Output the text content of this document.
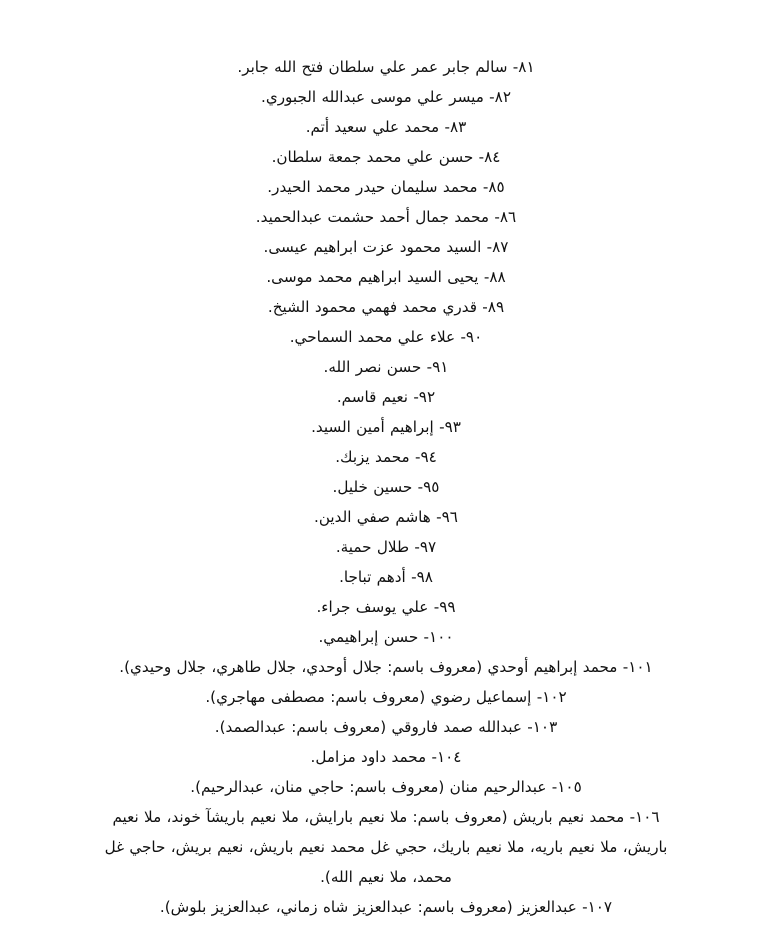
٨١- سالم جابر عمر علي سلطان فتح الله جابر.

٨٢- ميسر علي موسى عبدالله الجبوري.

٨٣- محمد علي سعيد أتم.

٨٤- حسن علي محمد جمعة سلطان.

٨٥- محمد سليمان حيدر محمد الحيدر.

٨٦- محمد جمال أحمد حشمت عبدالحميد.

٨٧- السيد محمود عزت ابراهيم عيسى.

٨٨- يحيى السيد ابراهيم محمد موسى.

٨٩- قدري محمد فهمي محمود الشيخ.

٩٠- علاء علي محمد السماحي.

٩١- حسن نصر الله.

٩٢- نعيم قاسم.

٩٣- إبراهيم أمين السيد.

٩٤- محمد يزبك.

٩٥- حسين خليل.

٩٦- هاشم صفي الدين.

٩٧- طلال حمية.

٩٨- أدهم تباجا.

٩٩- علي يوسف جراء.

١٠٠- حسن إبراهيمي.

١٠١- محمد إبراهيم أوحدي (معروف باسم: جلال أوحدي، جلال طاهري، جلال وحيدي).

١٠٢- إسماعيل رضوي (معروف باسم: مصطفى مهاجري).

١٠٣- عبدالله صمد فاروقي (معروف باسم: عبدالصمد).

١٠٤- محمد داود مزامل.

١٠٥- عبدالرحيم منان (معروف باسم: حاجي منان، عبدالرحيم).

١٠٦- محمد نعيم باريش (معروف باسم: ملا نعيم بارايش، ملا نعيم باريشآ خوند، ملا نعيم باريش، ملا نعيم باريه، ملا نعيم باريك، حجي غل محمد نعيم باريش، نعيم بريش، حاجي غل محمد، ملا نعيم الله).

١٠٧- عبدالعزيز (معروف باسم: عبدالعزيز شاه زماني، عبدالعزيز بلوش).
